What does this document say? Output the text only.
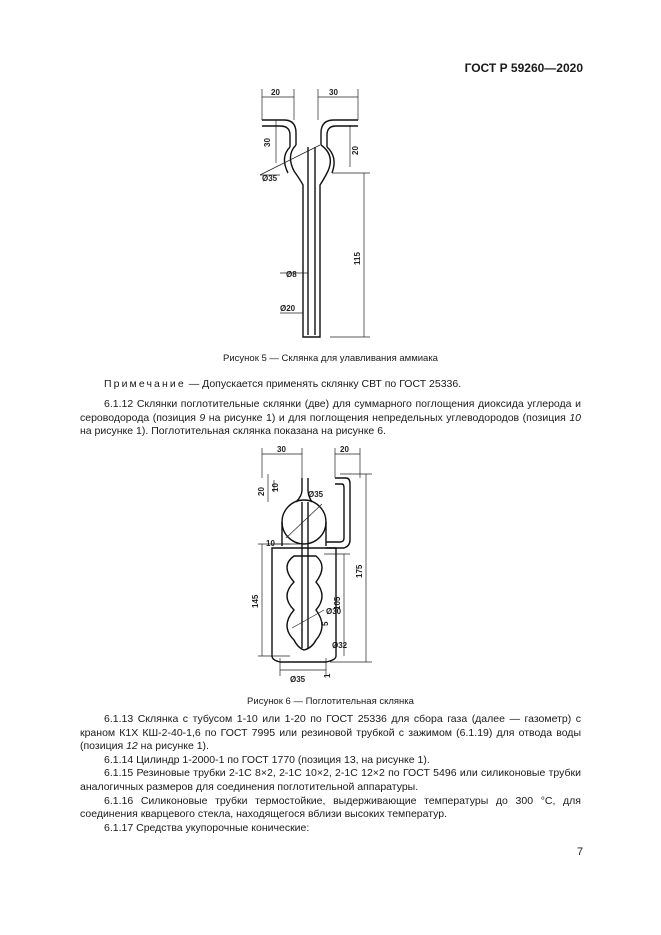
ГОСТ Р 59260—2020
20	30
30
20
115
Ø35
Ø8
Ø20
Рисунок 5 — Склянка для улавливания аммиака
Примечание — Допускается применять склянку СВТ по ГОСТ 25336.

6.1.12 Склянки поглотительные склянки (две) для суммарного поглощения диоксида углерода и сероводорода (позиция 9 на рисунке 1) и для поглощения непредельных углеводородов (позиция 10 на рисунке 1). Поглотительная склянка показана на рисунке 6.

30	20
20 10
Ø35
10
175
145	105
Ø30
5
Ø32
Ø35 1
Рисунок 6 — Поглотительная склянка

6.1.13 Склянка с тубусом 1-10 или 1-20 по ГОСТ 25336 для сбора газа (далее — газометр) с краном К1Х КШ-2-40-1,6 по ГОСТ 7995 или резиновой трубкой с зажимом (6.1.19) для отвода воды (позиция 12 на рисунке 1).

6.1.14 Цилиндр 1-2000-1 по ГОСТ 1770 (позиция 13, на рисунке 1).

6.1.15 Резиновые трубки 2-1С 8×2, 2-1С 10×2, 2-1С 12×2 по ГОСТ 5496 или силиконовые трубки аналогичных размеров для соединения поглотительной аппаратуры.

6.1.16 Силиконовые трубки термостойкие, выдерживающие температуры до 300 °С, для соединения кварцевого стекла, находящегося вблизи высоких температур.

6.1.17 Средства укупорочные конические:

7
